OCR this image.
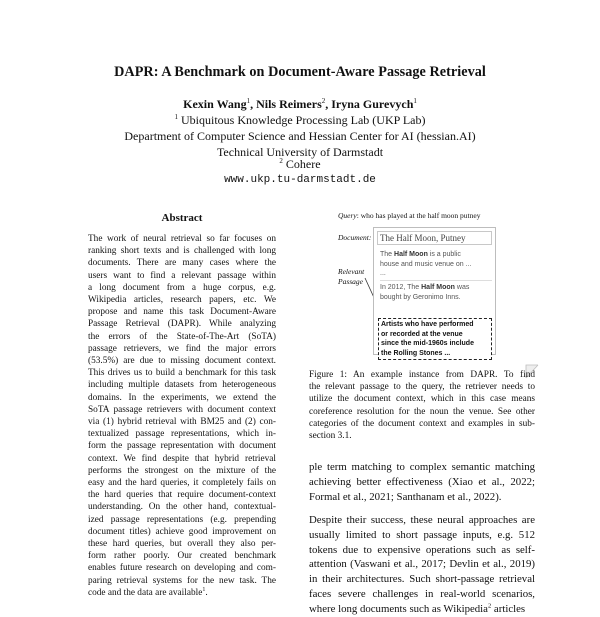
DAPR: A Benchmark on Document-Aware Passage Retrieval
Kexin Wang$^1$, Nils Reimers$^2$, Iryna Gurevych$^1$
$^1$ Ubiquitous Knowledge Processing Lab (UKP Lab)
Department of Computer Science and Hessian Center for AI (hessian.AI)
Technical University of Darmstadt
$^2$ Cohere
www.ukp.tu-darmstadt.de
Abstract
The work of neural retrieval so far focuses on
ranking short texts and is challenged with long
documents. There are many cases where the
users want to find a relevant passage within
a long document from a huge corpus, e.g.
Wikipedia articles, research papers, etc. We
propose and name this task Document-Aware
Passage Retrieval (DAPR). While analyzing
the errors of the State-of-The-Art (SoTA)
passage retrievers, we find the major errors
(53.5%) are due to missing document context.
This drives us to build a benchmark for this task
including multiple datasets from heterogeneous
domains. In the experiments, we extend the
SoTA passage retrievers with document context
via (1) hybrid retrieval with BM25 and (2) con-
textualized passage representations, which in-
form the passage representation with document
context. We find despite that hybrid retrieval
performs the strongest on the mixture of the
easy and the hard queries, it completely fails on
the hard queries that require document-context
understanding. On the other hand, contextual-
ized passage representations (e.g. prepending
document titles) achieve good improvement on
these hard queries, but overall they also per-
form rather poorly. Our created benchmark
enables future research on developing and com-
paring retrieval systems for the new task. The
code and the data are available$^1$.
Query: who has played at the half moon putney
Document:
Relevant
Passage
The Half Moon, Putney
The Half Moon is a public
house and music venue on ...
...
In 2012, The Half Moon was
bought by Geronimo Inns.
Artists who have performed
or recorded at the venue
since the mid-1960s include
the Rolling Stones ...
Figure 1: An example instance from DAPR. To find
the relevant passage to the query, the retriever needs to
utilize the document context, which in this case means
coreference resolution for the noun the venue. See other
categories of the document context and examples in sub-
section 3.1.
ple term matching to complex semantic matching
achieving better effectiveness (Xiao et al., 2022;
Formal et al., 2021; Santhanam et al., 2022).
Despite their success, these neural approaches are
usually limited to short passage inputs, e.g. 512
tokens due to expensive operations such as self-
attention (Vaswani et al., 2017; Devlin et al., 2019)
in their architectures. Such short-passage retrieval
faces severe challenges in real-world scenarios,
where long documents such as Wikipedia$^2$ articles
